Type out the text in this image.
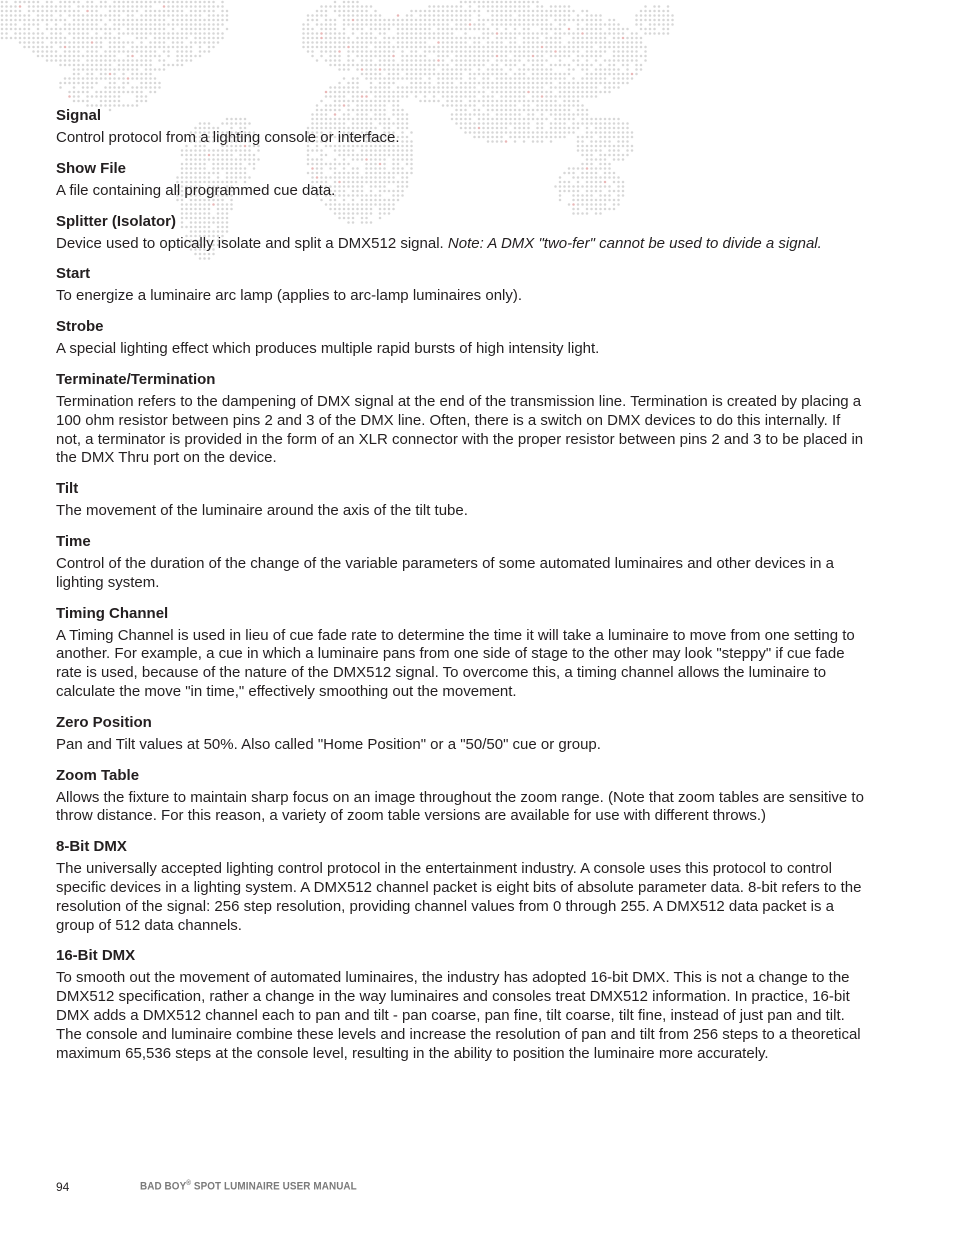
Signal

Control protocol from a lighting console or interface.

Show File

A file containing all programmed cue data.

Splitter (Isolator)

Device used to optically isolate and split a DMX512 signal. Note: A DMX "two-fer" cannot be used to divide a signal.

Start

To energize a luminaire arc lamp (applies to arc-lamp luminaires only).

Strobe

A special lighting effect which produces multiple rapid bursts of high intensity light.

Terminate/Termination

Termination refers to the dampening of DMX signal at the end of the transmission line. Termination is created by placing a 100 ohm resistor between pins 2 and 3 of the DMX line. Often, there is a switch on DMX devices to do this internally. If not, a terminator is provided in the form of an XLR connector with the proper resistor between pins 2 and 3 to be placed in the DMX Thru port on the device.

Tilt

The movement of the luminaire around the axis of the tilt tube.

Time

Control of the duration of the change of the variable parameters of some automated luminaires and other devices in a lighting system.

Timing Channel

A Timing Channel is used in lieu of cue fade rate to determine the time it will take a luminaire to move from one setting to another. For example, a cue in which a luminaire pans from one side of stage to the other may look "steppy" if cue fade rate is used, because of the nature of the DMX512 signal. To overcome this, a timing channel allows the luminaire to calculate the move "in time," effectively smoothing out the movement.

Zero Position

Pan and Tilt values at 50%. Also called "Home Position" or a "50/50" cue or group.

Zoom Table

Allows the fixture to maintain sharp focus on an image throughout the zoom range. (Note that zoom tables are sensitive to throw distance. For this reason, a variety of zoom table versions are available for use with different throws.)

8-Bit DMX

The universally accepted lighting control protocol in the entertainment industry. A console uses this protocol to control specific devices in a lighting system. A DMX512 channel packet is eight bits of absolute parameter data. 8-bit refers to the resolution of the signal: 256 step resolution, providing channel values from 0 through 255. A DMX512 data packet is a group of 512 data channels.

16-Bit DMX

To smooth out the movement of automated luminaires, the industry has adopted 16-bit DMX. This is not a change to the DMX512 specification, rather a change in the way luminaires and consoles treat DMX512 information. In practice, 16-bit DMX adds a DMX512 channel each to pan and tilt - pan coarse, pan fine, tilt coarse, tilt fine, instead of just pan and tilt. The console and luminaire combine these levels and increase the resolution of pan and tilt from 256 steps to a theoretical maximum 65,536 steps at the console level, resulting in the ability to position the luminaire more accurately.

94	BAD BOY® SPOT LUMINAIRE USER MANUAL
